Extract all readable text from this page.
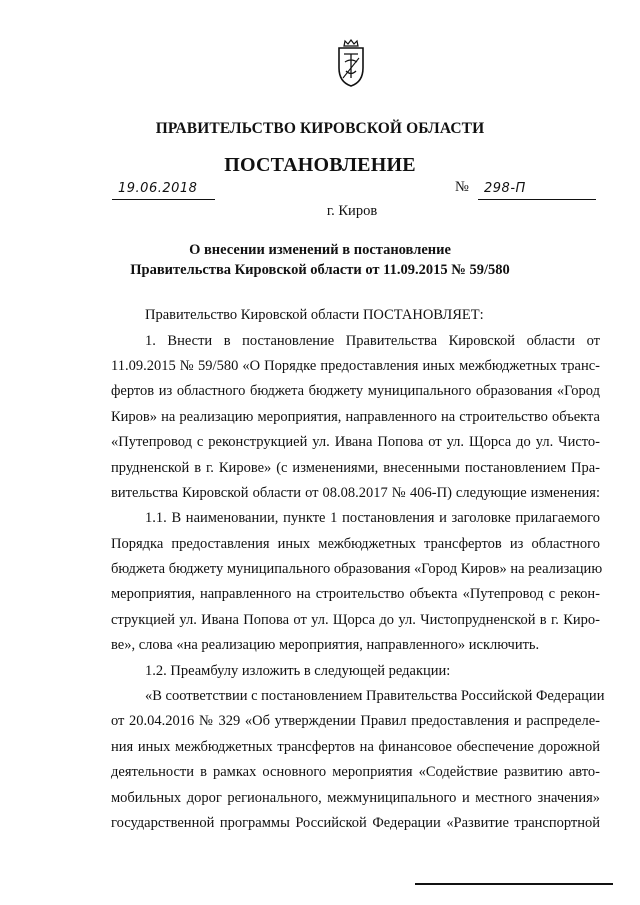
ПРАВИТЕЛЬСТВО КИРОВСКОЙ ОБЛАСТИ
ПОСТАНОВЛЕНИЕ
19.06.2018	№ 298-П
г. Киров
О внесении изменений в постановление
Правительства Кировской области от 11.09.2015 № 59/580
Правительство Кировской области ПОСТАНОВЛЯЕТ:
1. Внести в постановление Правительства Кировской области от
11.09.2015 № 59/580 «О Порядке предоставления иных межбюджетных транс-
фертов из областного бюджета бюджету муниципального образования «Город
Киров» на реализацию мероприятия, направленного на строительство объекта
«Путепровод с реконструкцией ул. Ивана Попова от ул. Щорса до ул. Чисто-
прудненской в г. Кирове» (с изменениями, внесенными постановлением Пра-
вительства Кировской области от 08.08.2017 № 406-П) следующие изменения:
1.1. В наименовании, пункте 1 постановления и заголовке прилагаемого
Порядка предоставления иных межбюджетных трансфертов из областного
бюджета бюджету муниципального образования «Город Киров» на реализацию
мероприятия, направленного на строительство объекта «Путепровод с рекон-
струкцией ул. Ивана Попова от ул. Щорса до ул. Чистопрудненской в г. Киро-
ве», слова «на реализацию мероприятия, направленного» исключить.
1.2. Преамбулу изложить в следующей редакции:
«В соответствии с постановлением Правительства Российской Федерации
от 20.04.2016 № 329 «Об утверждении Правил предоставления и распределе-
ния иных межбюджетных трансфертов на финансовое обеспечение дорожной
деятельности в рамках основного мероприятия «Содействие развитию авто-
мобильных дорог регионального, межмуниципального и местного значения»
государственной программы Российской Федерации «Развитие транспортной
